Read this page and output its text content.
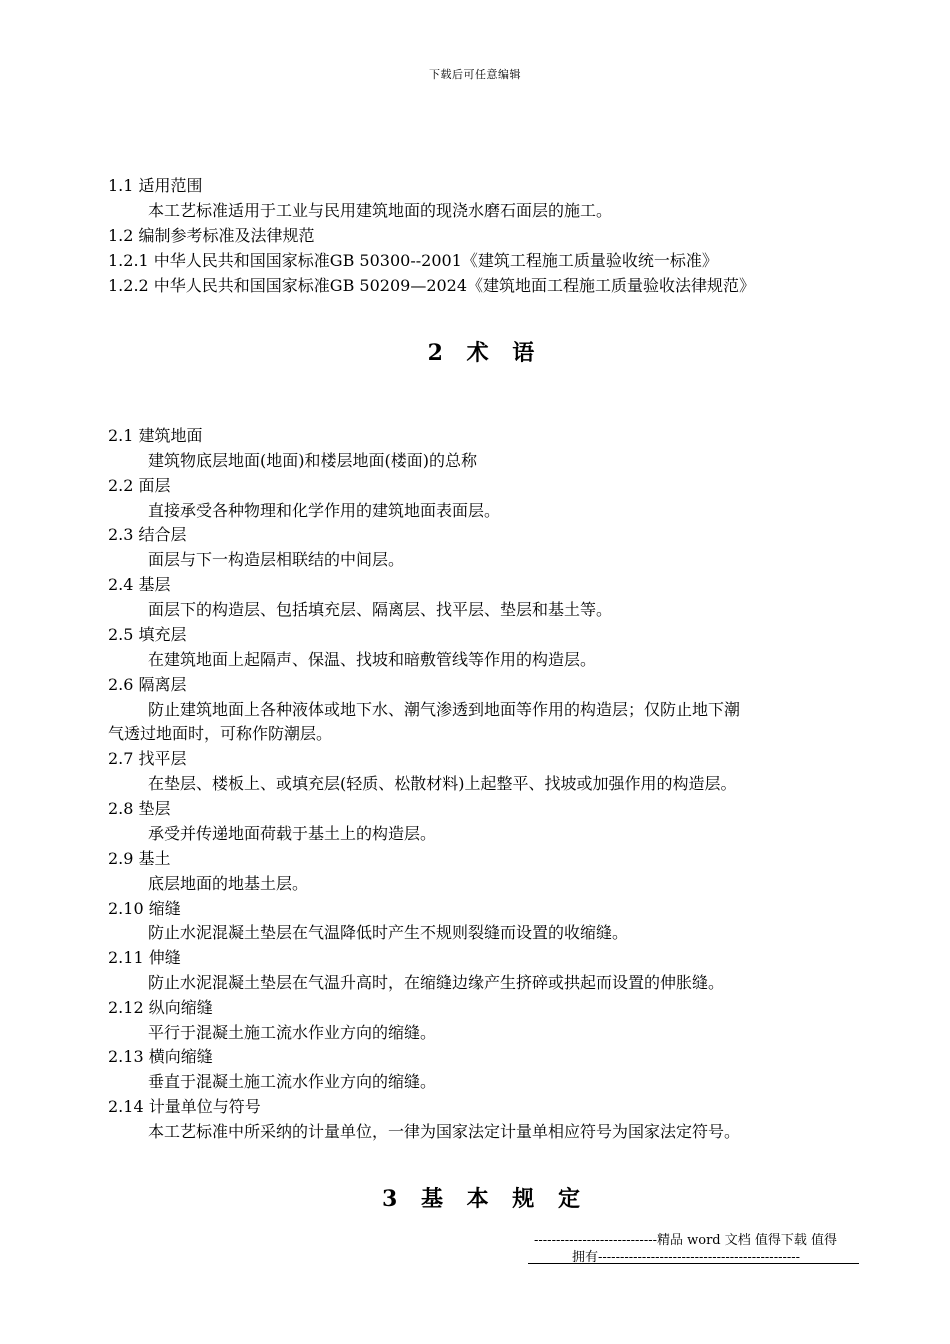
下载后可任意编辑
1.1 适用范围
本工艺标准适用于工业与民用建筑地面的现浇水磨石面层的施工。
1.2 编制参考标准及法律规范
1.2.1 中华人民共和国国家标准GB 50300--2001《建筑工程施工质量验收统一标准》
1.2.2 中华人民共和国国家标准GB 50209—2024《建筑地面工程施工质量验收法律规范》
2 术 语
2.1 建筑地面
建筑物底层地面(地面)和楼层地面(楼面)的总称
2.2 面层
直接承受各种物理和化学作用的建筑地面表面层。
2.3 结合层
面层与下一构造层相联结的中间层。
2.4 基层
面层下的构造层、包括填充层、隔离层、找平层、垫层和基土等。
2.5 填充层
在建筑地面上起隔声、保温、找坡和暗敷管线等作用的构造层。
2.6 隔离层
防止建筑地面上各种液体或地下水、潮气渗透到地面等作用的构造层；仅防止地下潮
气透过地面时，可称作防潮层。
2.7 找平层
在垫层、楼板上、或填充层(轻质、松散材料)上起整平、找坡或加强作用的构造层。
2.8 垫层
承受并传递地面荷载于基土上的构造层。
2.9 基土
底层地面的地基土层。
2.10 缩缝
防止水泥混凝土垫层在气温降低时产生不规则裂缝而设置的收缩缝。
2.11 伸缝
防止水泥混凝土垫层在气温升高时，在缩缝边缘产生挤碎或拱起而设置的伸胀缝。
2.12 纵向缩缝
平行于混凝土施工流水作业方向的缩缝。
2.13 横向缩缝
垂直于混凝土施工流水作业方向的缩缝。
2.14 计量单位与符号
本工艺标准中所采纳的计量单位，一律为国家法定计量单相应符号为国家法定符号。
3 基 本 规 定
----------------------------精品 word 文档 值得下载 值得
拥有----------------------------------------------
